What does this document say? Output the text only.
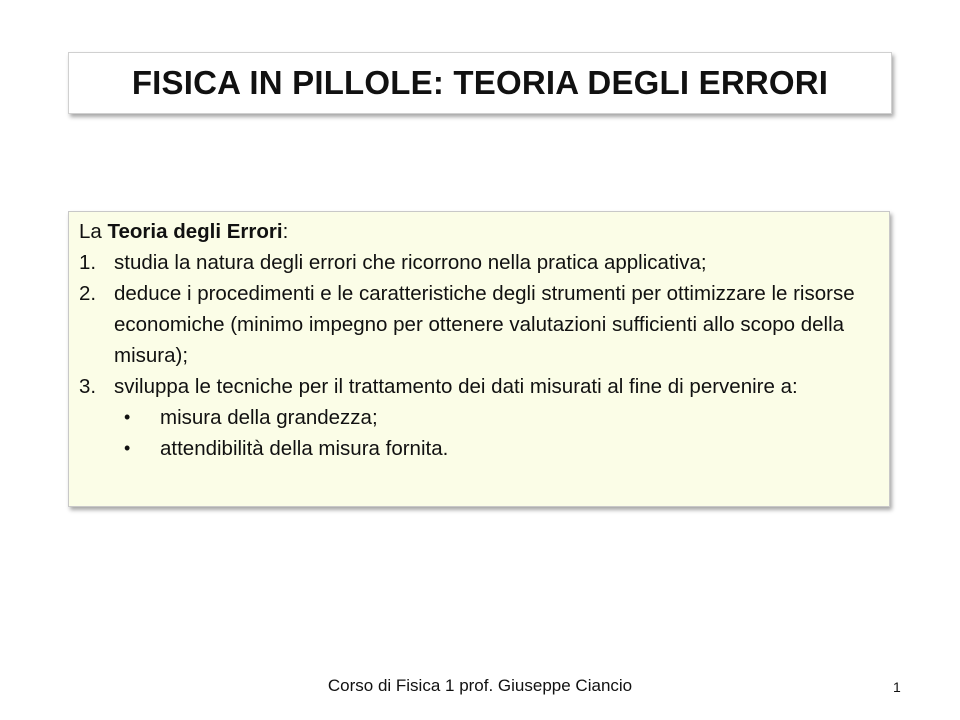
FISICA IN PILLOLE: TEORIA DEGLI ERRORI
La Teoria degli Errori:
1. studia la natura degli errori che ricorrono nella pratica applicativa;
2. deduce i procedimenti e le caratteristiche degli strumenti per ottimizzare le risorse economiche (minimo impegno per ottenere valutazioni sufficienti allo scopo della misura);
3. sviluppa le tecniche per il trattamento dei dati misurati al fine di pervenire a:
•	misura della grandezza;
•	attendibilità della misura fornita.
Corso di Fisica 1 prof. Giuseppe Ciancio	1
